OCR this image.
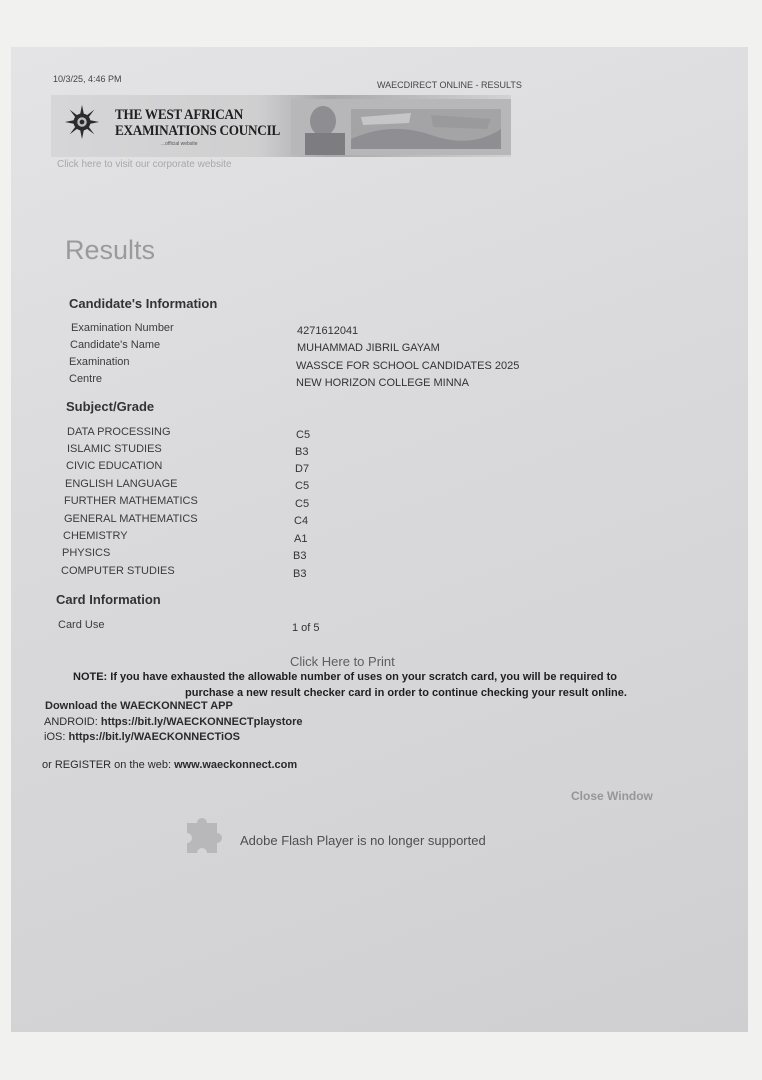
10/3/25, 4:46 PM
WAECDIRECT ONLINE - RESULTS
THE WEST AFRICAN
EXAMINATIONS COUNCIL
...official website
Click here to visit our corporate website
Results
Candidate's Information
Examination Number	4271612041
Candidate's Name	MUHAMMAD JIBRIL GAYAM
Examination	WASSCE FOR SCHOOL CANDIDATES 2025
Centre	NEW HORIZON COLLEGE MINNA
Subject/Grade
DATA PROCESSING	C5
ISLAMIC STUDIES	B3
CIVIC EDUCATION	D7
ENGLISH LANGUAGE	C5
FURTHER MATHEMATICS	C5
GENERAL MATHEMATICS	C4
CHEMISTRY	A1
PHYSICS	B3
COMPUTER STUDIES	B3
Card Information
Card Use	1 of 5
Click Here to Print
NOTE: If you have exhausted the allowable number of uses on your scratch card, you will be required to
purchase a new result checker card in order to continue checking your result online.
Download the WAECKONNECT APP
ANDROID: https://bit.ly/WAECKONNECTplaystore
iOS: https://bit.ly/WAECKONNECTiOS
or REGISTER on the web: www.waeckonnect.com
Close Window
Adobe Flash Player is no longer supported
